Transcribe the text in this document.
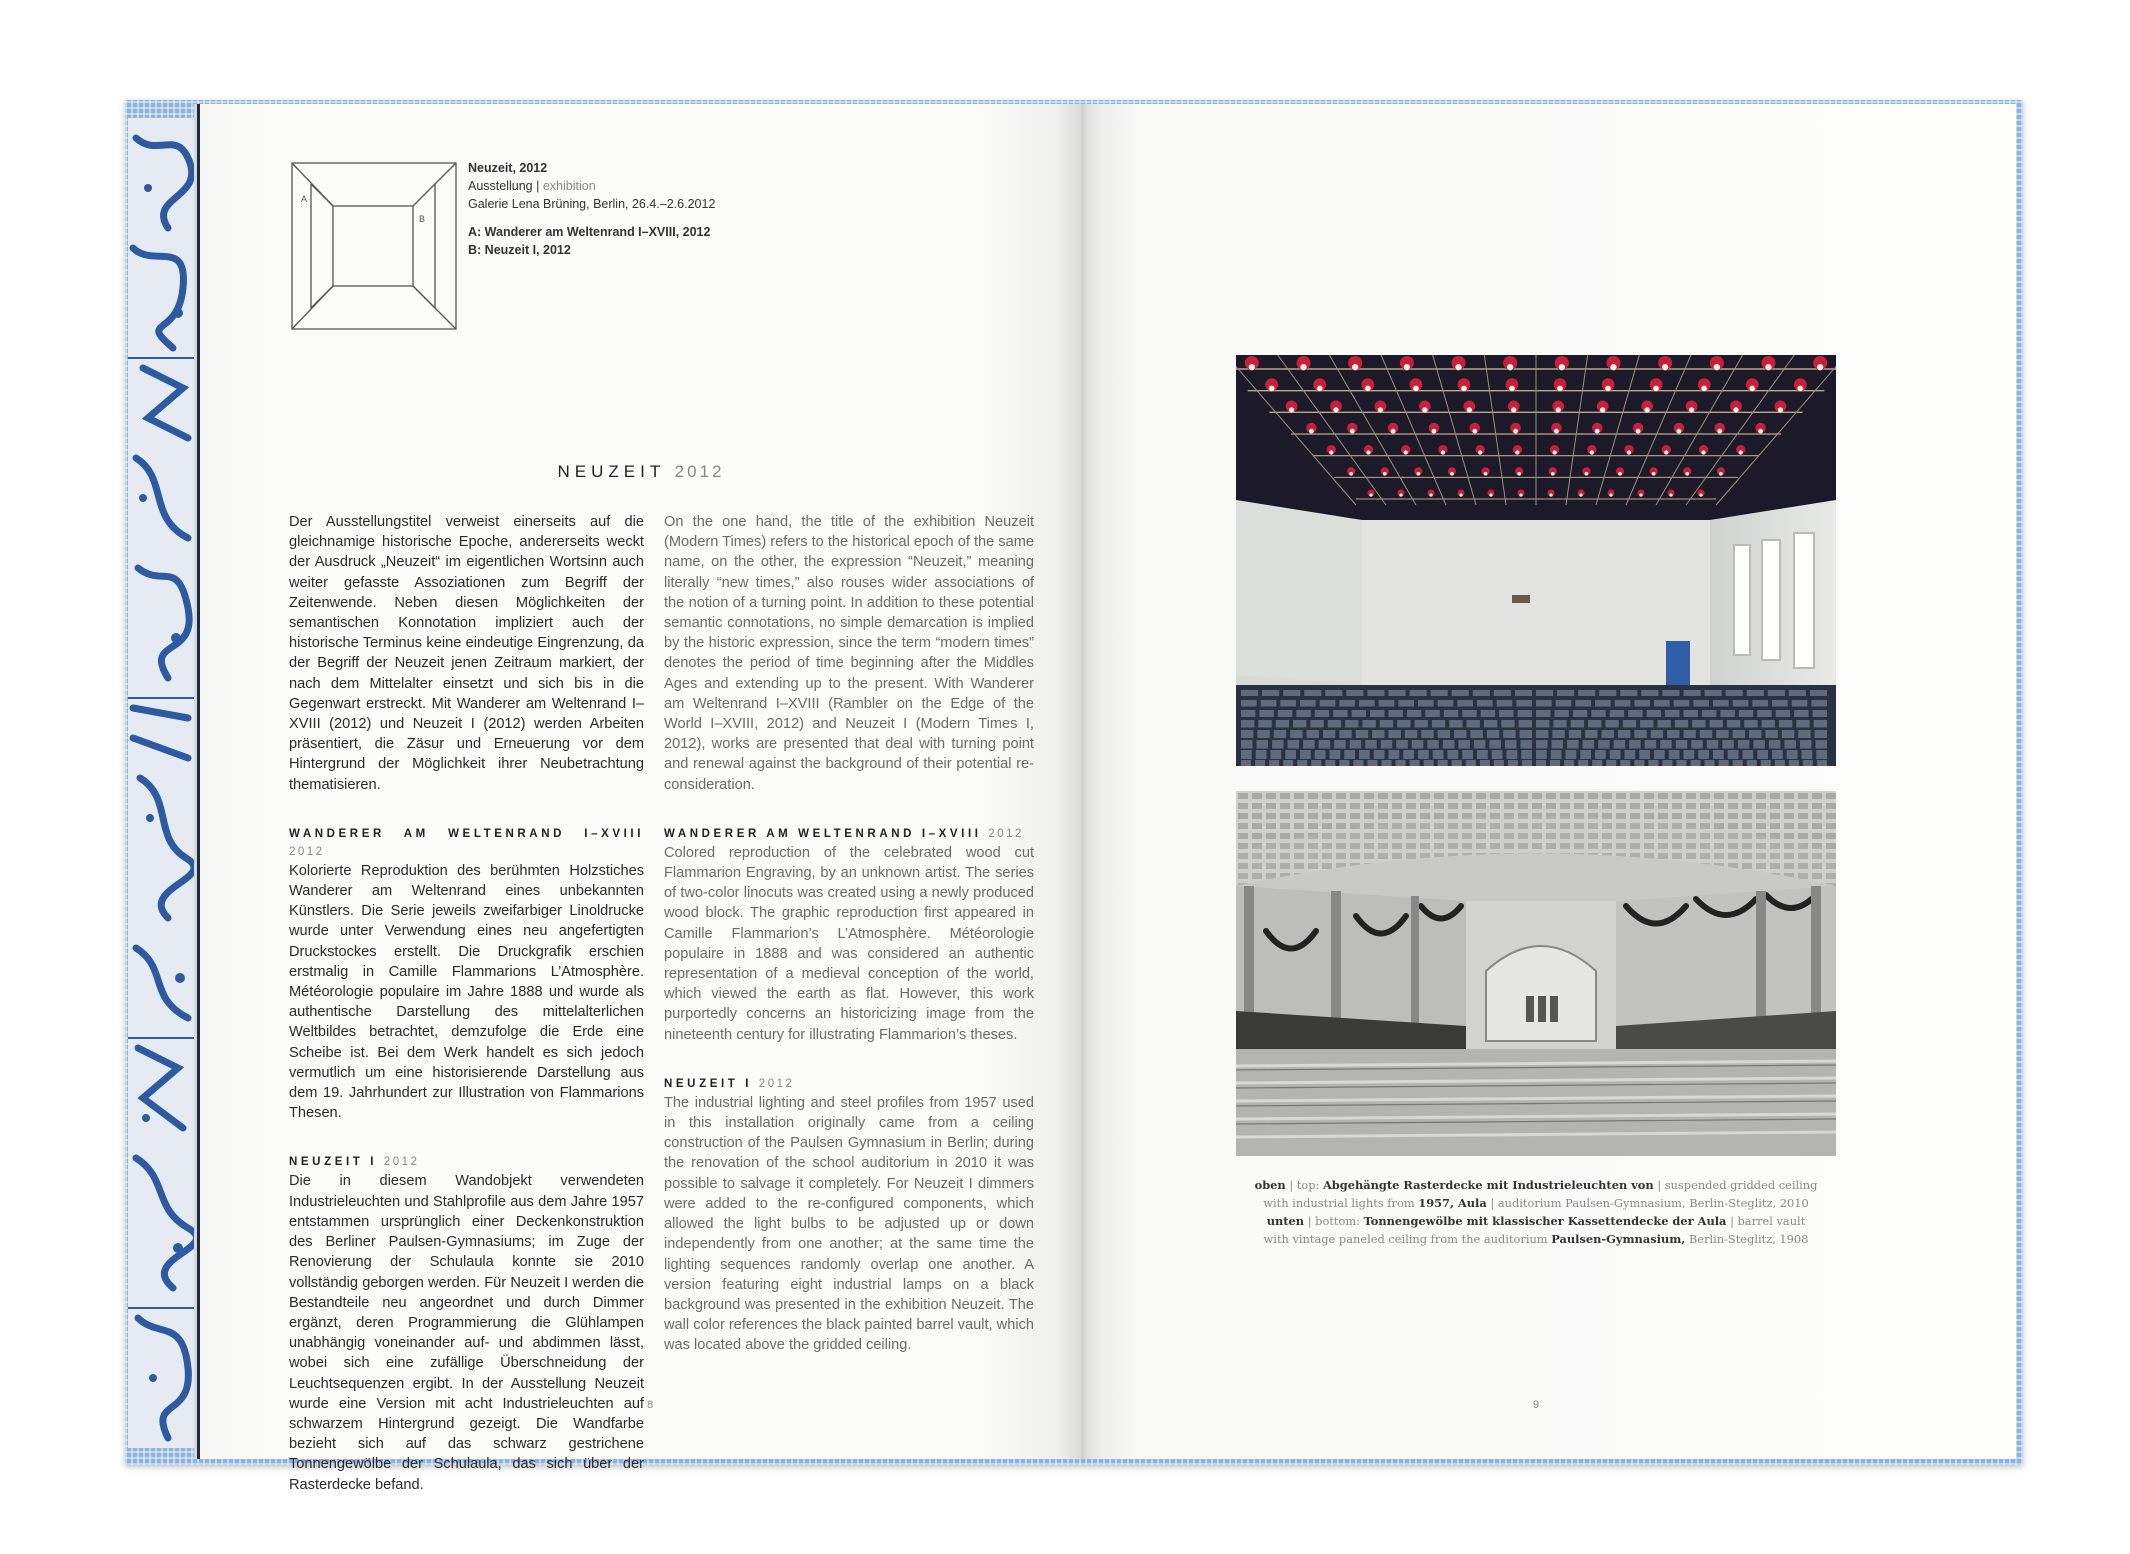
A
B
Neuzeit, 2012
Ausstellung | exhibition
Galerie Lena Brüning, Berlin, 26.4.–2.6.2012
A: Wanderer am Weltenrand I–XVIII, 2012
B: Neuzeit I, 2012
NEUZEIT 2012

Der Ausstellungstitel verweist einerseits auf die gleichnamige historische Epoche, andererseits weckt der Ausdruck „Neuzeit“ im eigentlichen Wortsinn auch weiter gefasste Assoziationen zum Begriff der Zeitenwende. Neben diesen Möglichkeiten der semantischen Konnotation impliziert auch der historische Terminus keine eindeutige Eingrenzung, da der Begriff der Neuzeit jenen Zeitraum markiert, der nach dem Mittelalter einsetzt und sich bis in die Gegenwart erstreckt. Mit Wanderer am Weltenrand I–XVIII (2012) und Neuzeit I (2012) werden Arbeiten präsentiert, die Zäsur und Erneuerung vor dem Hintergrund der Möglichkeit ihrer Neubetrachtung thematisieren.

WANDERER AM WELTENRAND I–XVIII 2012

Kolorierte Reproduktion des berühmten Holzstiches Wanderer am Weltenrand eines unbekannten Künstlers. Die Serie jeweils zweifarbiger Linoldrucke wurde unter Verwendung eines neu angefertigten Druckstockes erstellt. Die Druckgrafik erschien erstmalig in Camille Flammarions L’Atmosphère. Météorologie populaire im Jahre 1888 und wurde als authentische Darstellung des mittelalterlichen Weltbildes betrachtet, demzufolge die Erde eine Scheibe ist. Bei dem Werk handelt es sich jedoch vermutlich um eine historisierende Darstellung aus dem 19. Jahrhundert zur Illustration von Flammarions Thesen.

NEUZEIT I 2012

Die in diesem Wandobjekt verwendeten Industrieleuchten und Stahlprofile aus dem Jahre 1957 entstammen ursprünglich einer Deckenkonstruktion des Berliner Paulsen-Gymnasiums; im Zuge der Renovierung der Schulaula konnte sie 2010 vollständig geborgen werden. Für Neuzeit I werden die Bestandteile neu angeordnet und durch Dimmer ergänzt, deren Programmierung die Glühlampen unabhängig voneinander auf- und abdimmen lässt, wobei sich eine zufällige Überschneidung der Leuchtsequenzen ergibt. In der Ausstellung Neuzeit wurde eine Version mit acht Industrieleuchten auf schwarzem Hintergrund gezeigt. Die Wandfarbe bezieht sich auf das schwarz gestrichene Tonnengewölbe der Schulaula, das sich über der Rasterdecke befand.

On the one hand, the title of the exhibition Neuzeit (Modern Times) refers to the historical epoch of the same name, on the other, the expression “Neuzeit,” meaning literally “new times,” also rouses wider associations of the notion of a turning point. In addition to these potential semantic connotations, no simple demarcation is implied by the historic expression, since the term “modern times” denotes the period of time beginning after the Middles Ages and extending up to the present. With Wanderer am Weltenrand I–XVIII (Rambler on the Edge of the World I–XVIII, 2012) and Neuzeit I (Modern Times I, 2012), works are presented that deal with turning point and renewal against the background of their potential re-consideration.

WANDERER AM WELTENRAND I–XVIII 2012

Colored reproduction of the celebrated wood cut Flammarion Engraving, by an unknown artist. The series of two-color linocuts was created using a newly produced wood block. The graphic reproduction first appeared in Camille Flammarion’s L’Atmosphère. Météorologie populaire in 1888 and was considered an authentic representation of a medieval conception of the world, which viewed the earth as flat. However, this work purportedly concerns an historicizing image from the nineteenth century for illustrating Flammarion’s theses.

NEUZEIT I 2012

The industrial lighting and steel profiles from 1957 used in this installation originally came from a ceiling construction of the Paulsen Gymnasium in Berlin; during the renovation of the school auditorium in 2010 it was possible to salvage it completely. For Neuzeit I dimmers were added to the re-configured components, which allowed the light bulbs to be adjusted up or down independently from one another; at the same time the lighting sequences randomly overlap one another. A version featuring eight industrial lamps on a black background was presented in the exhibition Neuzeit. The wall color references the black painted barrel vault, which was located above the gridded ceiling.

8	9
oben | top: Abgehängte Rasterdecke mit Industrieleuchten von | suspended gridded ceiling
with industrial lights from 1957, Aula | auditorium Paulsen-Gymnasium, Berlin-Steglitz, 2010
unten | bottom: Tonnengewölbe mit klassischer Kassettendecke der Aula | barrel vault
with vintage paneled ceiling from the auditorium Paulsen-Gymnasium, Berlin-Steglitz, 1908
